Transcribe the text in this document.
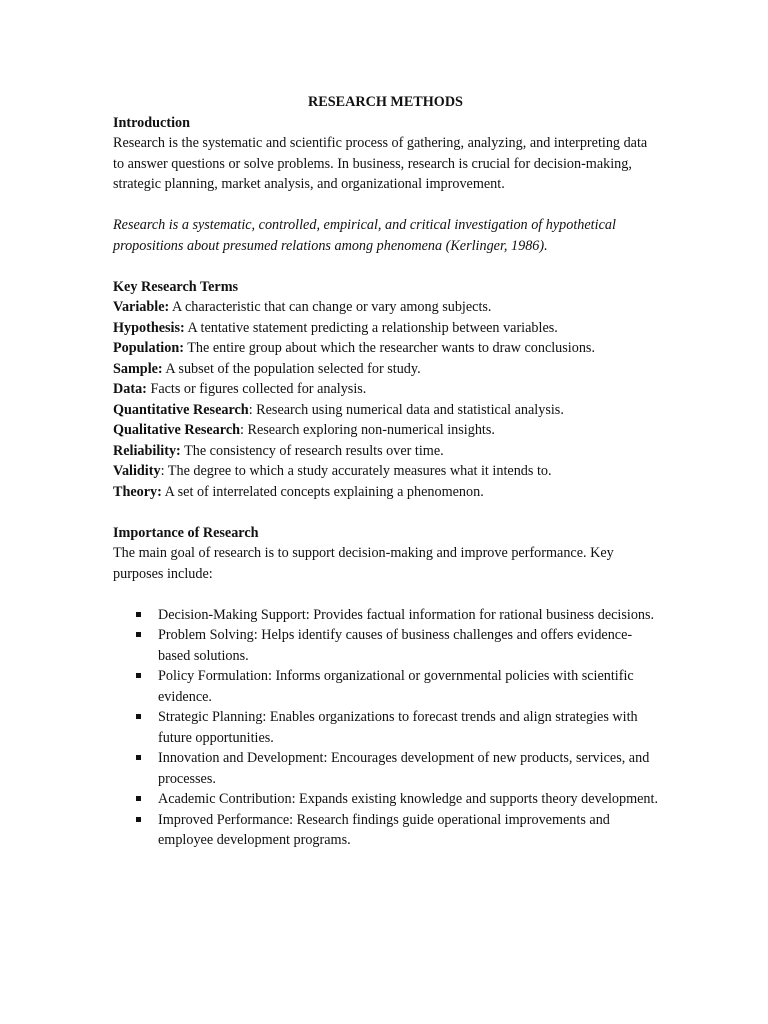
RESEARCH METHODS

Introduction

Research is the systematic and scientific process of gathering, analyzing, and interpreting data to answer questions or solve problems. In business, research is crucial for decision-making, strategic planning, market analysis, and organizational improvement.

Research is a systematic, controlled, empirical, and critical investigation of hypothetical propositions about presumed relations among phenomena (Kerlinger, 1986).

Key Research Terms

Variable: A characteristic that can change or vary among subjects.

Hypothesis: A tentative statement predicting a relationship between variables.

Population: The entire group about which the researcher wants to draw conclusions.

Sample: A subset of the population selected for study.

Data: Facts or figures collected for analysis.

Quantitative Research: Research using numerical data and statistical analysis.

Qualitative Research: Research exploring non-numerical insights.

Reliability: The consistency of research results over time.

Validity: The degree to which a study accurately measures what it intends to.

Theory: A set of interrelated concepts explaining a phenomenon.

Importance of Research

The main goal of research is to support decision-making and improve performance. Key purposes include:

Decision-Making Support: Provides factual information for rational business decisions.
Problem Solving: Helps identify causes of business challenges and offers evidence-based solutions.
Policy Formulation: Informs organizational or governmental policies with scientific evidence.
Strategic Planning: Enables organizations to forecast trends and align strategies with future opportunities.
Innovation and Development: Encourages development of new products, services, and processes.
Academic Contribution: Expands existing knowledge and supports theory development.
Improved Performance: Research findings guide operational improvements and employee development programs.
